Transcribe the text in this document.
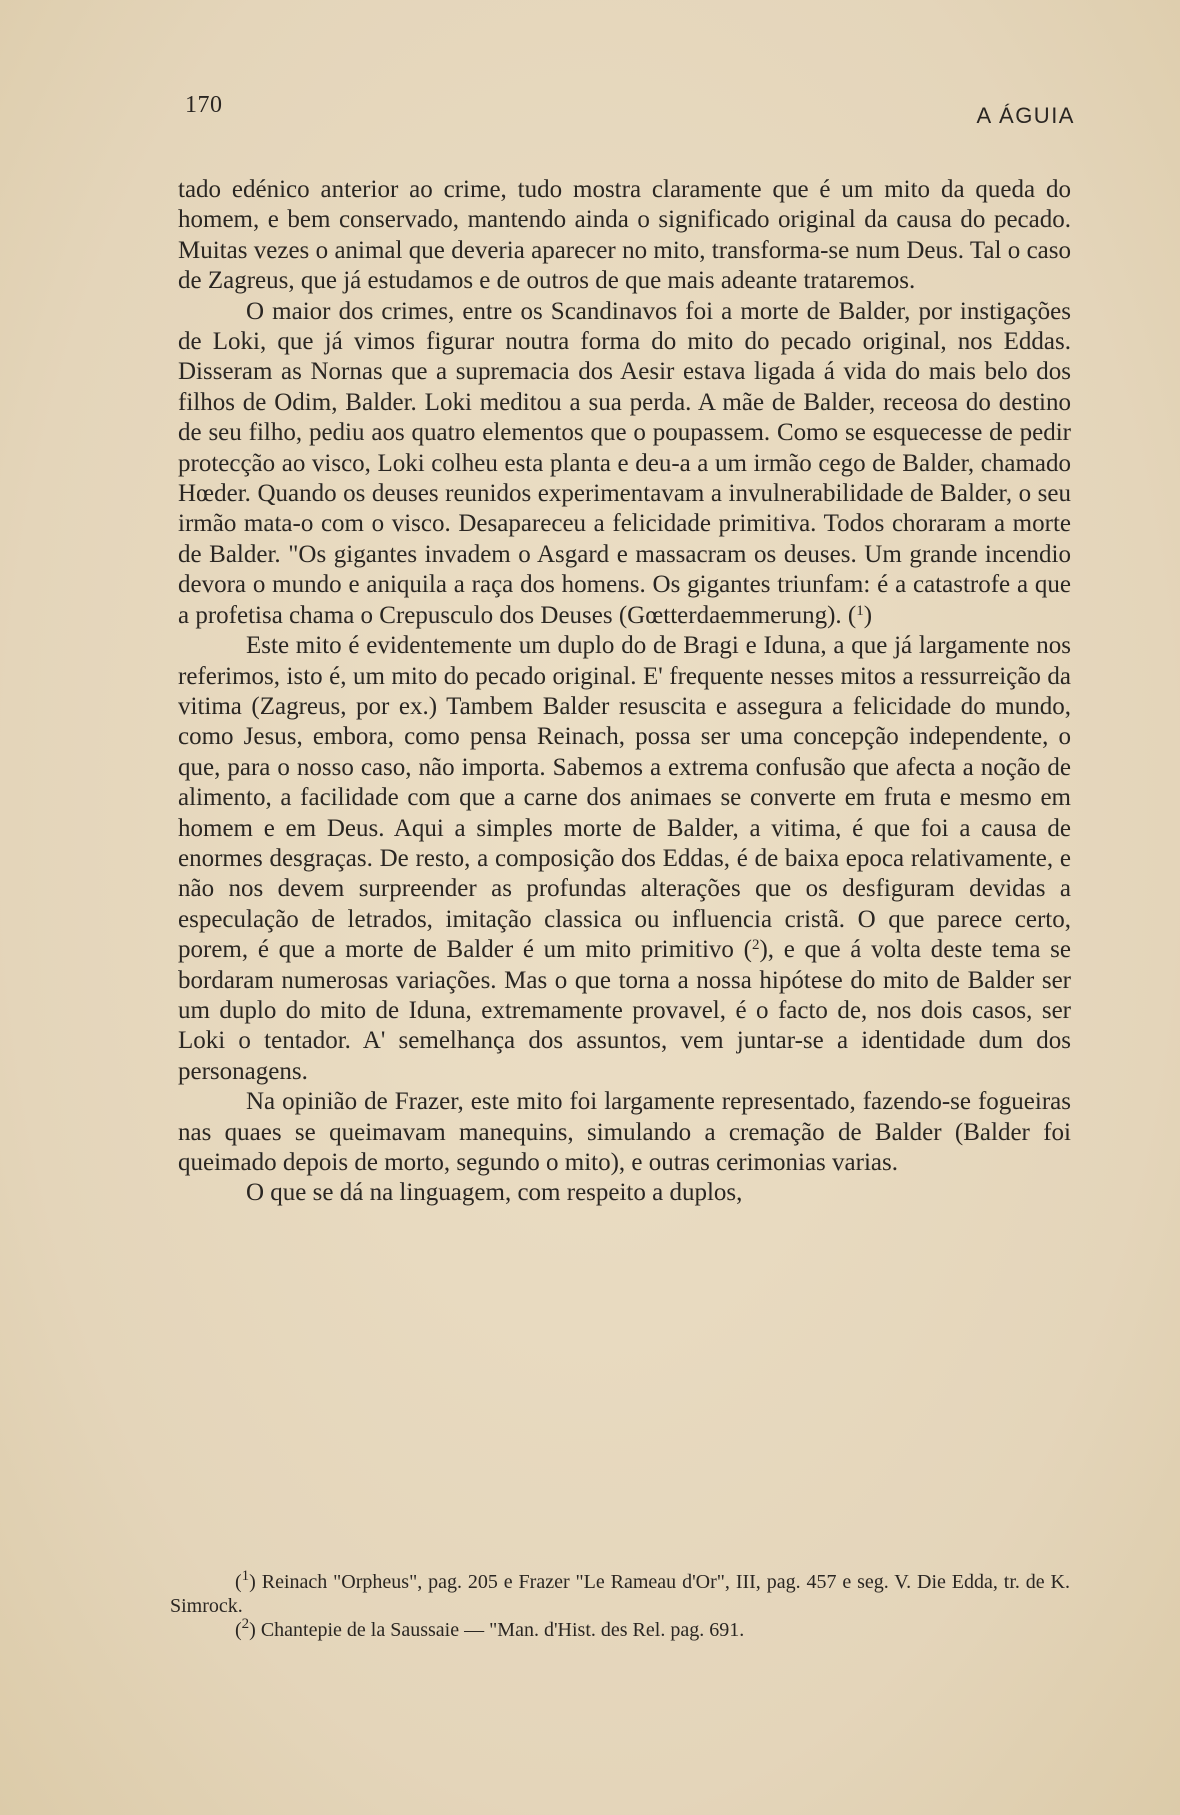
170	A ÁGUIA

tado edénico anterior ao crime, tudo mostra claramente que é um mito da queda do homem, e bem conservado, mantendo ainda o significado original da causa do pecado. Muitas vezes o animal que deveria aparecer no mito, transforma-se num Deus. Tal o caso de Zagreus, que já estudamos e de outros de que mais adeante trataremos.

O maior dos crimes, entre os Scandinavos foi a morte de Balder, por instigações de Loki, que já vimos figurar noutra forma do mito do pecado original, nos Eddas. Disseram as Nornas que a supremacia dos Aesir estava ligada á vida do mais belo dos filhos de Odim, Balder. Loki meditou a sua perda. A mãe de Balder, receosa do destino de seu filho, pediu aos quatro elementos que o poupassem. Como se esquecesse de pedir protecção ao visco, Loki colheu esta planta e deu-a a um irmão cego de Balder, chamado Hœder. Quando os deuses reunidos experimentavam a invulnerabilidade de Balder, o seu irmão mata-o com o visco. Desapareceu a felicidade primitiva. Todos choraram a morte de Balder. "Os gigantes invadem o Asgard e massacram os deuses. Um grande incendio devora o mundo e aniquila a raça dos homens. Os gigantes triunfam: é a catastrofe a que a profetisa chama o Crepusculo dos Deuses (Gœtterdaemmerung). ($^1$)

Este mito é evidentemente um duplo do de Bragi e Iduna, a que já largamente nos referimos, isto é, um mito do pecado original. E' frequente nesses mitos a ressurreição da vitima (Zagreus, por ex.) Tambem Balder resuscita e assegura a felicidade do mundo, como Jesus, embora, como pensa Reinach, possa ser uma concepção independente, o que, para o nosso caso, não importa. Sabemos a extrema confusão que afecta a noção de alimento, a facilidade com que a carne dos animaes se converte em fruta e mesmo em homem e em Deus. Aqui a simples morte de Balder, a vitima, é que foi a causa de enormes desgraças. De resto, a composição dos Eddas, é de baixa epoca relativamente, e não nos devem surpreender as profundas alterações que os desfiguram devidas a especulação de letrados, imitação classica ou influencia cristã. O que parece certo, porem, é que a morte de Balder é um mito primitivo ($^2$), e que á volta deste tema se bordaram numerosas variações. Mas o que torna a nossa hipótese do mito de Balder ser um duplo do mito de Iduna, extremamente provavel, é o facto de, nos dois casos, ser Loki o tentador. A' semelhança dos assuntos, vem juntar-se a identidade dum dos personagens.

Na opinião de Frazer, este mito foi largamente representado, fazendo-se fogueiras nas quaes se queimavam manequins, simulando a cremação de Balder (Balder foi queimado depois de morto, segundo o mito), e outras cerimonias varias.

O que se dá na linguagem, com respeito a duplos,

($^1$) Reinach "Orpheus", pag. 205 e Frazer "Le Rameau d'Or", III, pag. 457 e seg. V. Die Edda, tr. de K. Simrock.

($^2$) Chantepie de la Saussaie — "Man. d'Hist. des Rel. pag. 691.
